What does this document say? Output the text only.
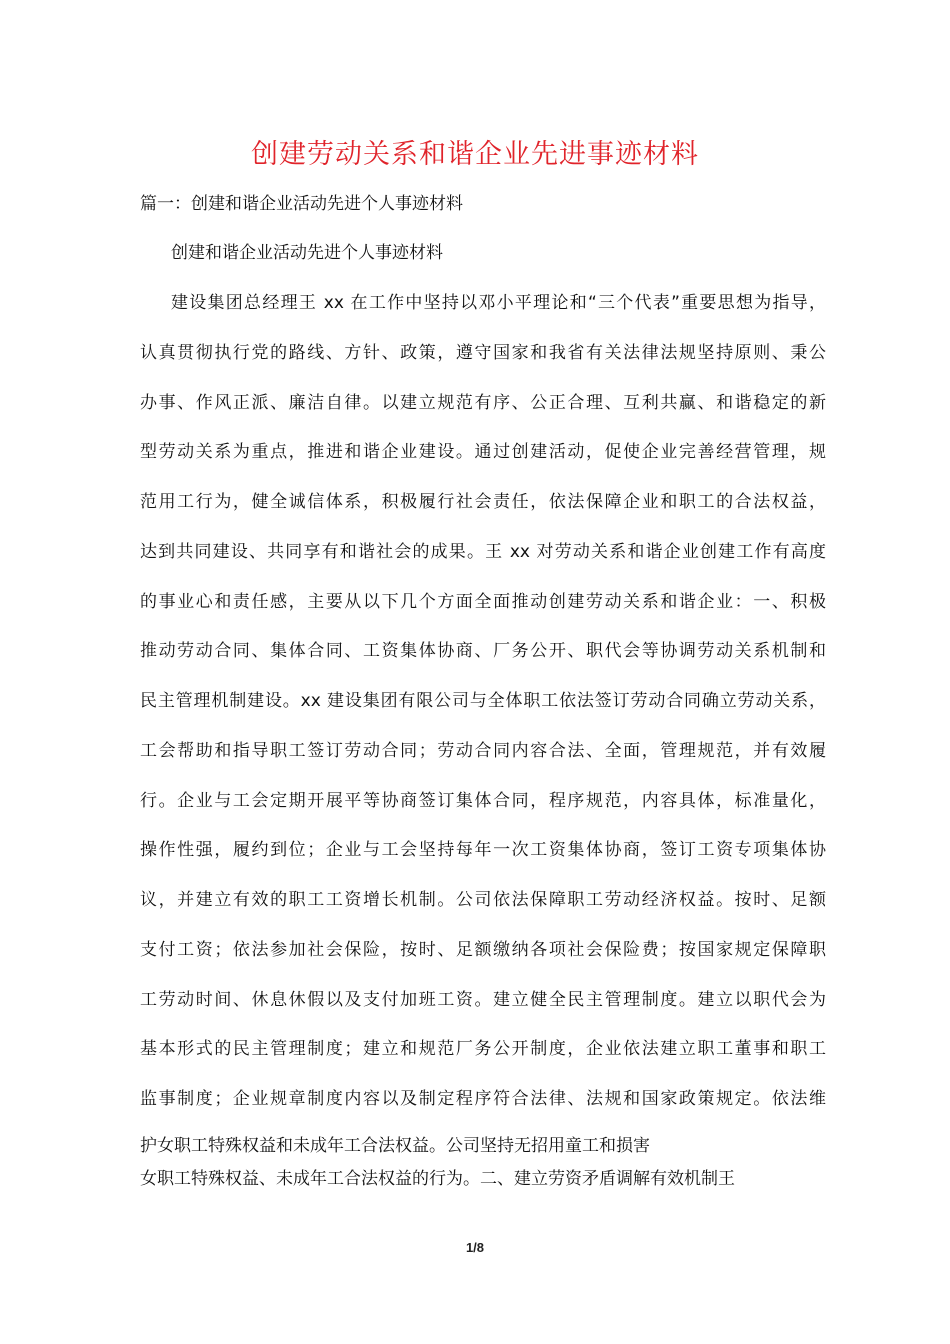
创建劳动关系和谐企业先进事迹材料
篇一：创建和谐企业活动先进个人事迹材料
创建和谐企业活动先进个人事迹材料
建设集团总经理王 xx 在工作中坚持以邓小平理论和“三个代表”重要思想为指导，
认真贯彻执行党的路线、方针、政策，遵守国家和我省有关法律法规坚持原则、秉公
办事、作风正派、廉洁自律。以建立规范有序、公正合理、互利共赢、和谐稳定的新
型劳动关系为重点，推进和谐企业建设。通过创建活动，促使企业完善经营管理，规
范用工行为，健全诚信体系，积极履行社会责任，依法保障企业和职工的合法权益，
达到共同建设、共同享有和谐社会的成果。王 xx 对劳动关系和谐企业创建工作有高度
的事业心和责任感，主要从以下几个方面全面推动创建劳动关系和谐企业：一、积极
推动劳动合同、集体合同、工资集体协商、厂务公开、职代会等协调劳动关系机制和
民主管理机制建设。xx 建设集团有限公司与全体职工依法签订劳动合同确立劳动关系，
工会帮助和指导职工签订劳动合同；劳动合同内容合法、全面，管理规范，并有效履
行。企业与工会定期开展平等协商签订集体合同，程序规范，内容具体，标准量化，
操作性强，履约到位；企业与工会坚持每年一次工资集体协商，签订工资专项集体协
议，并建立有效的职工工资增长机制。公司依法保障职工劳动经济权益。按时、足额
支付工资；依法参加社会保险，按时、足额缴纳各项社会保险费；按国家规定保障职
工劳动时间、休息休假以及支付加班工资。建立健全民主管理制度。建立以职代会为
基本形式的民主管理制度；建立和规范厂务公开制度，企业依法建立职工董事和职工
监事制度；企业规章制度内容以及制定程序符合法律、法规和国家政策规定。依法维
护女职工特殊权益和未成年工合法权益。公司坚持无招用童工和损害
女职工特殊权益、未成年工合法权益的行为。二、建立劳资矛盾调解有效机制王
1/8
